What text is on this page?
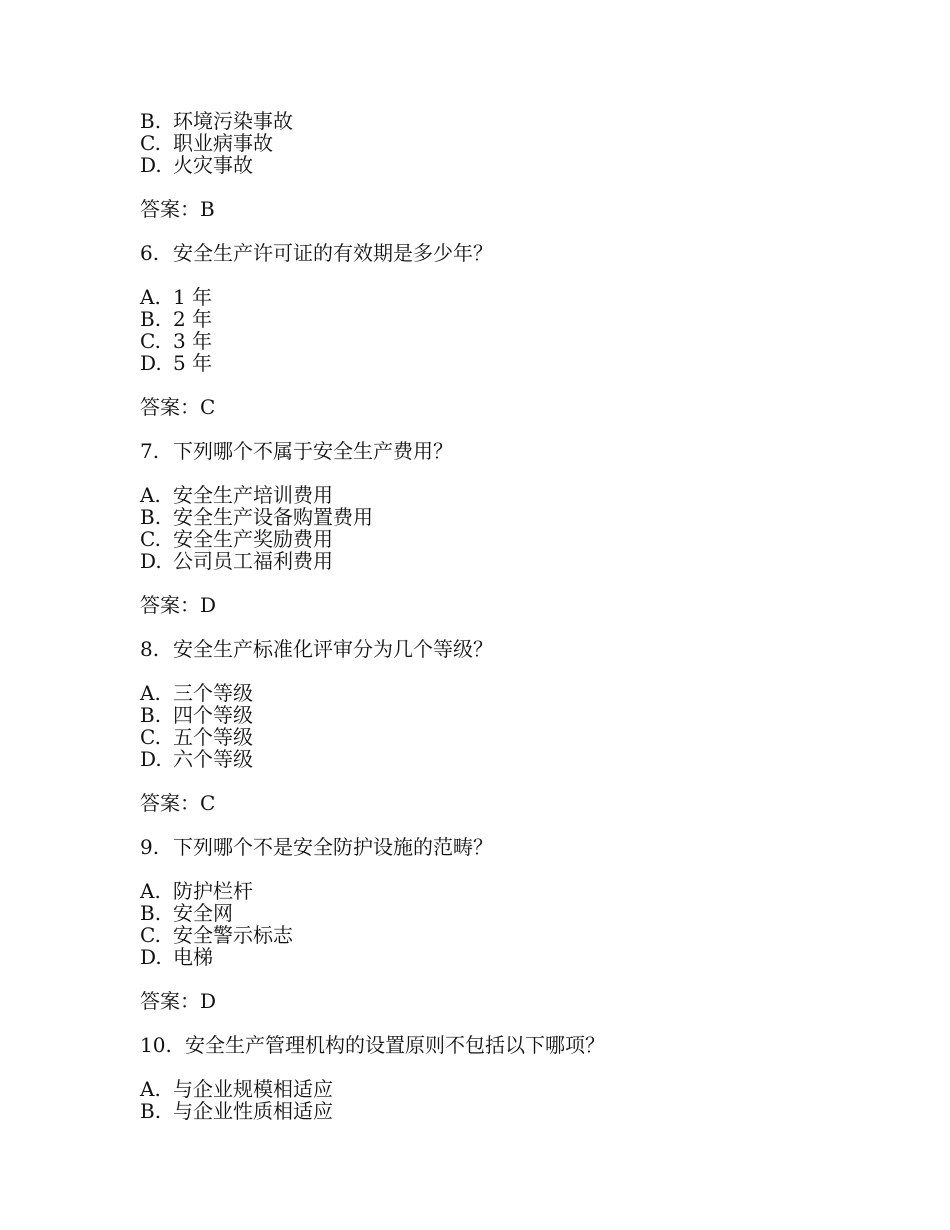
B. 环境污染事故
C. 职业病事故
D. 火灾事故
答案：B
6. 安全生产许可证的有效期是多少年？
A. 1 年
B. 2 年
C. 3 年
D. 5 年
答案：C
7. 下列哪个不属于安全生产费用？
A. 安全生产培训费用
B. 安全生产设备购置费用
C. 安全生产奖励费用
D. 公司员工福利费用
答案：D
8. 安全生产标准化评审分为几个等级？
A. 三个等级
B. 四个等级
C. 五个等级
D. 六个等级
答案：C
9. 下列哪个不是安全防护设施的范畴？
A. 防护栏杆
B. 安全网
C. 安全警示标志
D. 电梯
答案：D
10. 安全生产管理机构的设置原则不包括以下哪项？
A. 与企业规模相适应
B. 与企业性质相适应
